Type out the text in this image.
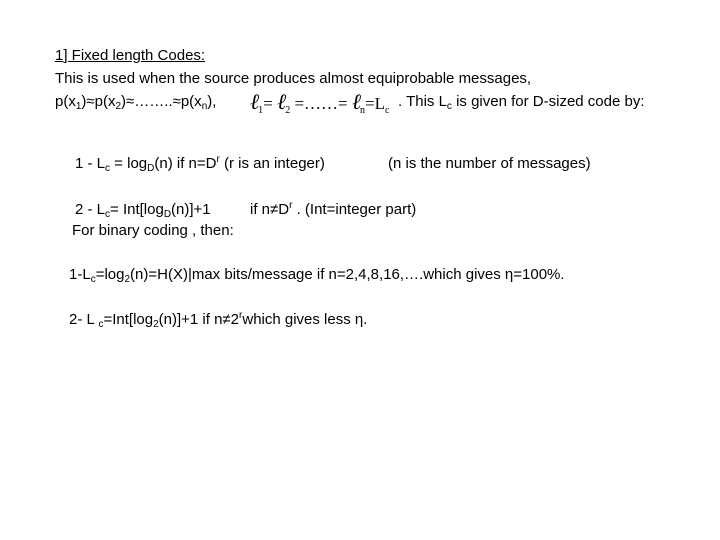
1] Fixed length Codes:
This is used when the source produces almost equiprobable messages,
$p(x_1)\approx p(x_2)\approx\dots\dots..\approx p(x_n)$, ℓ$_1$= ℓ$_2$ =……= $\ell_n=L_c$
. This $L_c$ is given for D-sized code by:
$1 - L_c = \log_D(n)$ if $n=D^r$ (r is an integer)	(n is the number of messages)
$2 - L_c= Int[\log_D(n)]+1$	if $n\ne D^r$ . (Int=integer part)
For binary coding , then:
$1-L_c=\log_2(n)=H(X)|\max$ bits/message if n=2,4,8,16,….which gives η=100%.
2- L $_c=Int[\log_2(n)]+1$ if $n\ne 2^rwhich$ gives less η.
